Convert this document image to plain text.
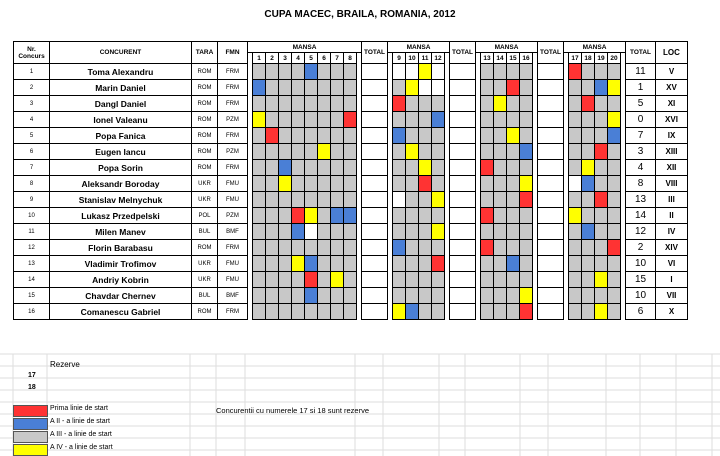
CUPA MACEC, BRAILA, ROMANIA, 2012
Nr. Concurs	CONCURENT	TARA	FMN	MANSA										TOTAL	MANSA						TOTAL	MANSA						TOTAL	MANSA						TOTAL	LOC
					1	2	3	4	5	6	7	8				9	10	11	12				13	14	15	16				17	18	19	20			
1	Toma Alexandru	ROM	FRM																																11	V
2	Marin Daniel	ROM	FRM																																1	XV
3	Dangl Daniel	ROM	FRM																																5	XI
4	Ionel Valeanu	ROM	PZM																																0	XVI
5	Popa Fanica	ROM	FRM																																7	IX
6	Eugen Iancu	ROM	PZM																																3	XIII
7	Popa Sorin	ROM	FRM																																4	XII
8	Aleksandr Boroday	UKR	FMU																																8	VIII
9	Stanislav Melnychuk	UKR	FMU																																13	III
10	Lukasz Przedpelski	POL	PZM																																14	II
11	Milen Manev	BUL	BMF																																12	IV
12	Florin Barabasu	ROM	FRM																																2	XIV
13	Vladimir Trofimov	UKR	FMU																																10	VI
14	Andriy Kobrin	UKR	FMU																																15	I
15	Chavdar Chernev	BUL	BMF																																10	VII
16	Comanescu Gabriel	ROM	FRM																																6	X
Rezerve
17
18
Prima linie de start
A II - a linie de start
A III - a linie de start
A IV - a linie de start
Concurentii cu numerele 17 si 18 sunt rezerve
